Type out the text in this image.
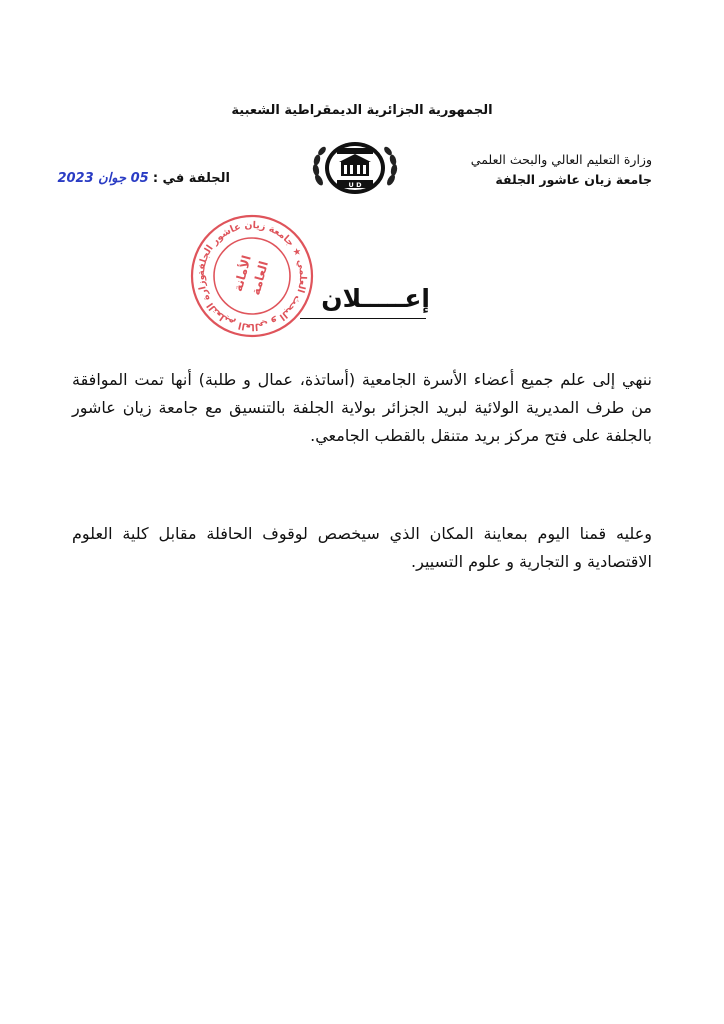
الجمهورية الجزائرية الديمقراطية الشعبية
وزارة التعليم العالي والبحث العلمي
جامعة زيان عاشور الجلفة
U D
الجلفة في : 05 جوان 2023
وزارة التعليم العالي و البحث العلمي ★ جامعة زيان عاشور الجلفة	الأمانة
العامة
إعـــــلان
ننهي إلى علم جميع أعضاء الأسرة الجامعية (أساتذة، عمال و طلبة) أنها تمت الموافقة من طرف المديرية الولائية لبريد الجزائر بولاية الجلفة بالتنسيق مع جامعة زيان عاشور بالجلفة على فتح مركز بريد متنقل بالقطب الجامعي.
وعليه قمنا اليوم بمعاينة المكان الذي سيخصص لوقوف الحافلة مقابل كلية العلوم الاقتصادية و التجارية و علوم التسيير.
